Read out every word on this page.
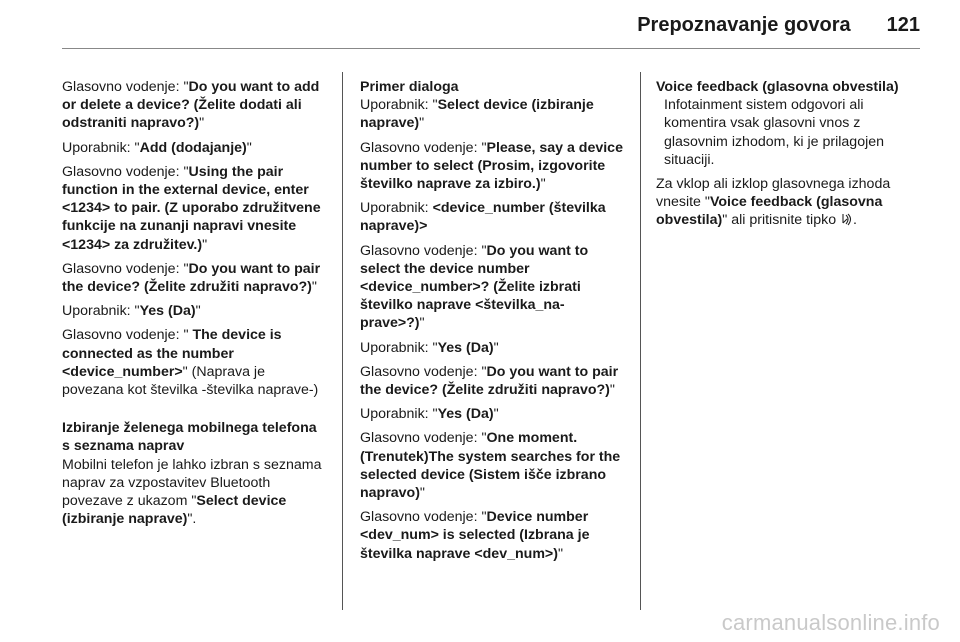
Prepoznavanje govora 121

Glasovno vodenje: "Do you want to add or delete a device? (Želite dodati ali odstraniti napravo?)"

Uporabnik: "Add (dodajanje)"

Glasovno vodenje: "Using the pair function in the external device, enter <1234> to pair. (Z uporabo združitvene funkcije na zunanji napravi vnesite <1234> za združitev.)"

Glasovno vodenje: "Do you want to pair the device? (Želite združiti napravo?)"

Uporabnik: "Yes (Da)"

Glasovno vodenje: " The device is connected as the number <device_number>" (Naprava je povezana kot številka -številka naprave-)

Izbiranje želenega mobilnega telefona s seznama naprav

Mobilni telefon je lahko izbran s seznama naprav za vzpostavitev Bluetooth povezave z ukazom "Select device (izbiranje naprave)".

Primer dialoga

Uporabnik: "Select device (izbiranje naprave)"

Glasovno vodenje: "Please, say a device number to select (Prosim, izgovorite številko naprave za izbiro.)"

Uporabnik: <device_number (številka naprave)>

Glasovno vodenje: "Do you want to select the device number <device_number>? (Želite izbrati številko naprave <številka_na-prave>?)"

Uporabnik: "Yes (Da)"

Glasovno vodenje: "Do you want to pair the device? (Želite združiti napravo?)"

Uporabnik: "Yes (Da)"

Glasovno vodenje: "One moment. (Trenutek)The system searches for the selected device (Sistem išče izbrano napravo)"

Glasovno vodenje: "Device number <dev_num> is selected (Izbrana je številka naprave <dev_num>)"

Voice feedback (glasovna obvestila)

Infotainment sistem odgovori ali komentira vsak glasovni vnos z glasovnim izhodom, ki je prilagojen situaciji.

Za vklop ali izklop glasovnega izhoda vnesite "Voice feedback (glasovna obvestila)" ali pritisnite tipko .

carmanualsonline.info
